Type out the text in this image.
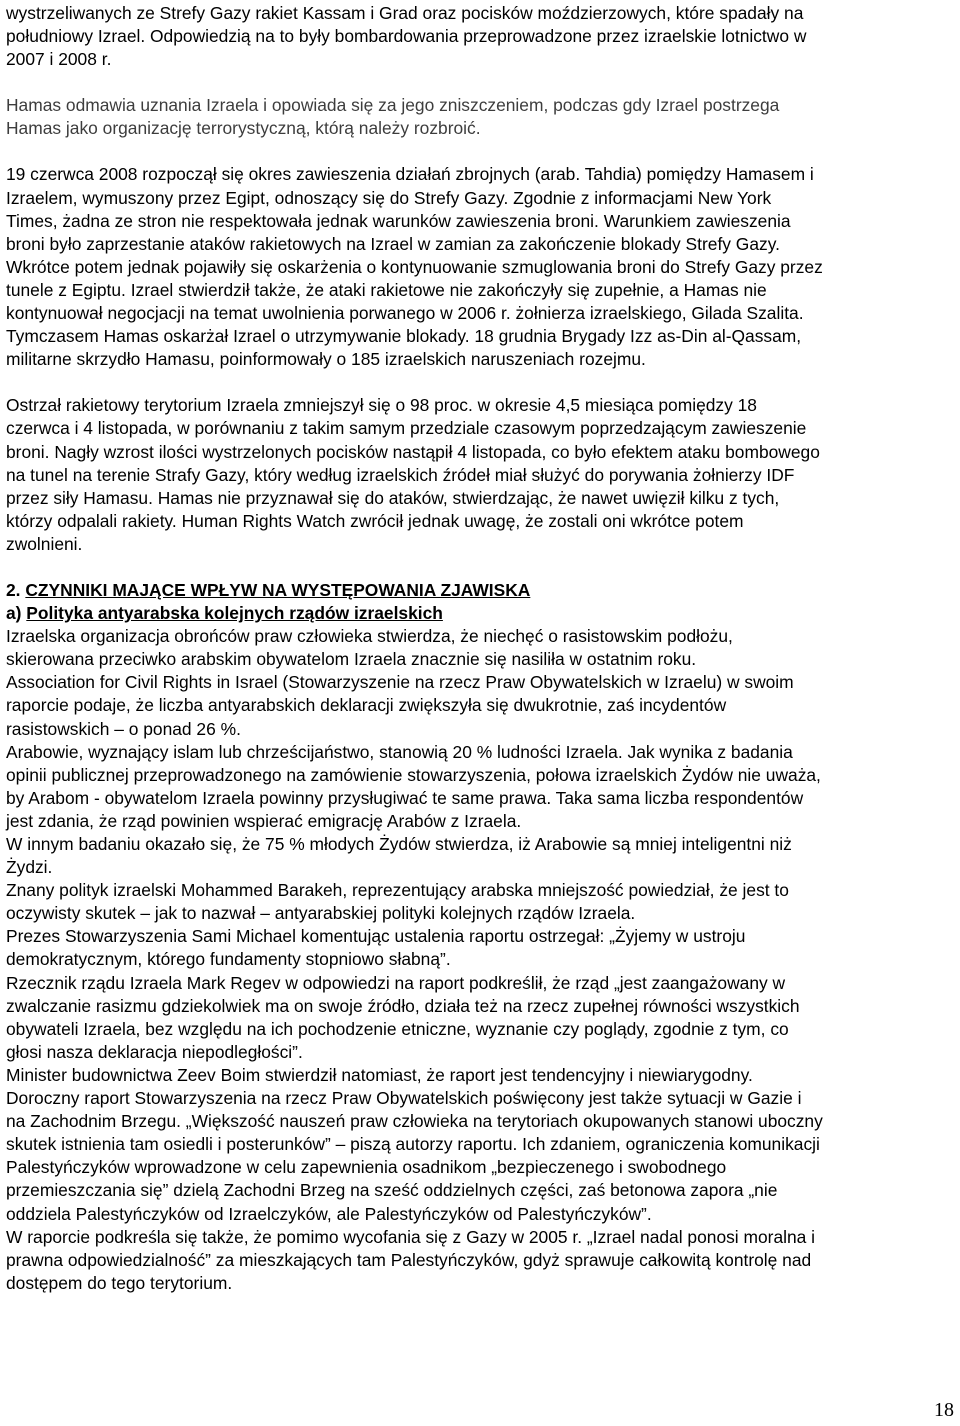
wystrzeliwanych ze Strefy Gazy rakiet Kassam i Grad oraz pocisków moździerzowych, które spadały na

południowy Izrael. Odpowiedzią na to były bombardowania przeprowadzone przez izraelskie lotnictwo w

2007 i 2008 r.

Hamas odmawia uznania Izraela i opowiada się za jego zniszczeniem, podczas gdy Izrael postrzega

Hamas jako organizację terrorystyczną, którą należy rozbroić.

19 czerwca 2008 rozpoczął się okres zawieszenia działań zbrojnych (arab. Tahdia) pomiędzy Hamasem i

Izraelem, wymuszony przez Egipt, odnoszący się do Strefy Gazy. Zgodnie z informacjami New York

Times, żadna ze stron nie respektowała jednak warunków zawieszenia broni. Warunkiem zawieszenia

broni było zaprzestanie ataków rakietowych na Izrael w zamian za zakończenie blokady Strefy Gazy.

Wkrótce potem jednak pojawiły się oskarżenia o kontynuowanie szmuglowania broni do Strefy Gazy przez

tunele z Egiptu. Izrael stwierdził także, że ataki rakietowe nie zakończyły się zupełnie, a Hamas nie

kontynuował negocjacji na temat uwolnienia porwanego w 2006 r. żołnierza izraelskiego, Gilada Szalita.

Tymczasem Hamas oskarżał Izrael o utrzymywanie blokady. 18 grudnia Brygady Izz as-Din al-Qassam,

militarne skrzydło Hamasu, poinformowały o 185 izraelskich naruszeniach rozejmu.

Ostrzał rakietowy terytorium Izraela zmniejszył się o 98 proc. w okresie 4,5 miesiąca pomiędzy 18

czerwca i 4 listopada, w porównaniu z takim samym przedziale czasowym poprzedzającym zawieszenie

broni. Nagły wzrost ilości wystrzelonych pocisków nastąpił 4 listopada, co było efektem ataku bombowego

na tunel na terenie Strafy Gazy, który według izraelskich źródeł miał służyć do porywania żołnierzy IDF

przez siły Hamasu. Hamas nie przyznawał się do ataków, stwierdzając, że nawet uwięził kilku z tych,

którzy odpalali rakiety. Human Rights Watch zwrócił jednak uwagę, że zostali oni wkrótce potem

zwolnieni.

2. CZYNNIKI MAJĄCE WPŁYW NA WYSTĘPOWANIA ZJAWISKA

a) Polityka antyarabska kolejnych rządów izraelskich

Izraelska organizacja obrońców praw człowieka stwierdza, że niechęć o rasistowskim podłożu,

skierowana przeciwko arabskim obywatelom Izraela znacznie się nasiliła w ostatnim roku.

Association for Civil Rights in Israel (Stowarzyszenie na rzecz Praw Obywatelskich w Izraelu) w swoim

raporcie podaje, że liczba antyarabskich deklaracji zwiększyła się dwukrotnie, zaś incydentów

rasistowskich – o ponad 26 %.

Arabowie, wyznający islam lub chrześcijaństwo, stanowią 20 % ludności Izraela. Jak wynika z badania

opinii publicznej przeprowadzonego na zamówienie stowarzyszenia, połowa izraelskich Żydów nie uważa,

by Arabom - obywatelom Izraela powinny przysługiwać te same prawa. Taka sama liczba respondentów

jest zdania, że rząd powinien wspierać emigrację Arabów z Izraela.

W innym badaniu okazało się, że 75 % młodych Żydów stwierdza, iż Arabowie są mniej inteligentni niż

Żydzi.

Znany polityk izraelski Mohammed Barakeh, reprezentujący arabska mniejszość powiedział, że jest to

oczywisty skutek – jak to nazwał – antyarabskiej polityki kolejnych rządów Izraela.

Prezes Stowarzyszenia Sami Michael komentując ustalenia raportu ostrzegał: „Żyjemy w ustroju

demokratycznym, którego fundamenty stopniowo słabną”.

Rzecznik rządu Izraela Mark Regev w odpowiedzi na raport podkreślił, że rząd „jest zaangażowany w

zwalczanie rasizmu gdziekolwiek ma on swoje źródło, działa też na rzecz zupełnej równości wszystkich

obywateli Izraela, bez względu na ich pochodzenie etniczne, wyznanie czy poglądy, zgodnie z tym, co

głosi nasza deklaracja niepodległości”.

Minister budownictwa Zeev Boim stwierdził natomiast, że raport jest tendencyjny i niewiarygodny.

Doroczny raport Stowarzyszenia na rzecz Praw Obywatelskich poświęcony jest także sytuacji w Gazie i

na Zachodnim Brzegu. „Większość nauszeń praw człowieka na terytoriach okupowanych stanowi uboczny

skutek istnienia tam osiedli i posterunków” – piszą autorzy raportu. Ich zdaniem, ograniczenia komunikacji

Palestyńczyków wprowadzone w celu zapewnienia osadnikom „bezpieczenego i swobodnego

przemieszczania się” dzielą Zachodni Brzeg na sześć oddzielnych części, zaś betonowa zapora „nie

oddziela Palestyńczyków od Izraelczyków, ale Palestyńczyków od Palestyńczyków”.

W raporcie podkreśla się także, że pomimo wycofania się z Gazy w 2005 r. „Izrael nadal ponosi moralna i

prawna odpowiedzialność” za mieszkających tam Palestyńczyków, gdyż sprawuje całkowitą kontrolę nad

dostępem do tego terytorium.

18
